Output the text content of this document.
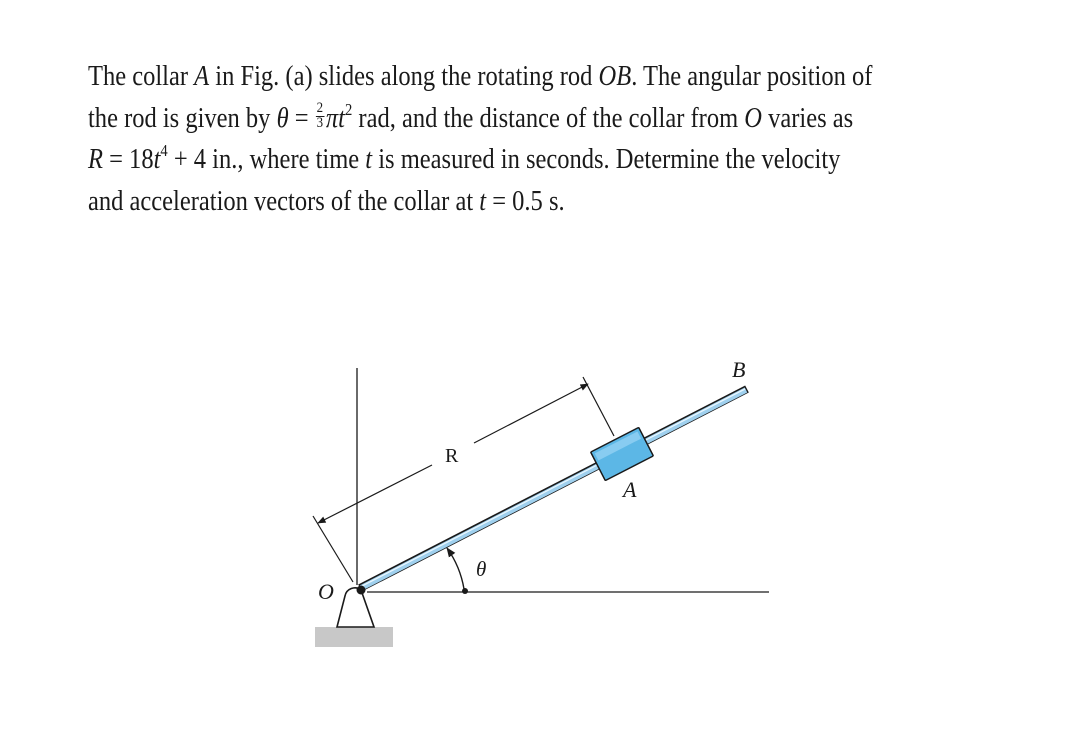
The collar A in Fig. (a) slides along the rotating rod OB. The angular position of
the rod is given by $\theta = \frac{2}{3} \pi t^2$ rad, and the distance of the collar from O varies as
$R = 18t^4 + 4$ in., where time t is measured in seconds. Determine the velocity
and acceleration vectors of the collar at t = 0.5 s.
B
A
R
θ
O
